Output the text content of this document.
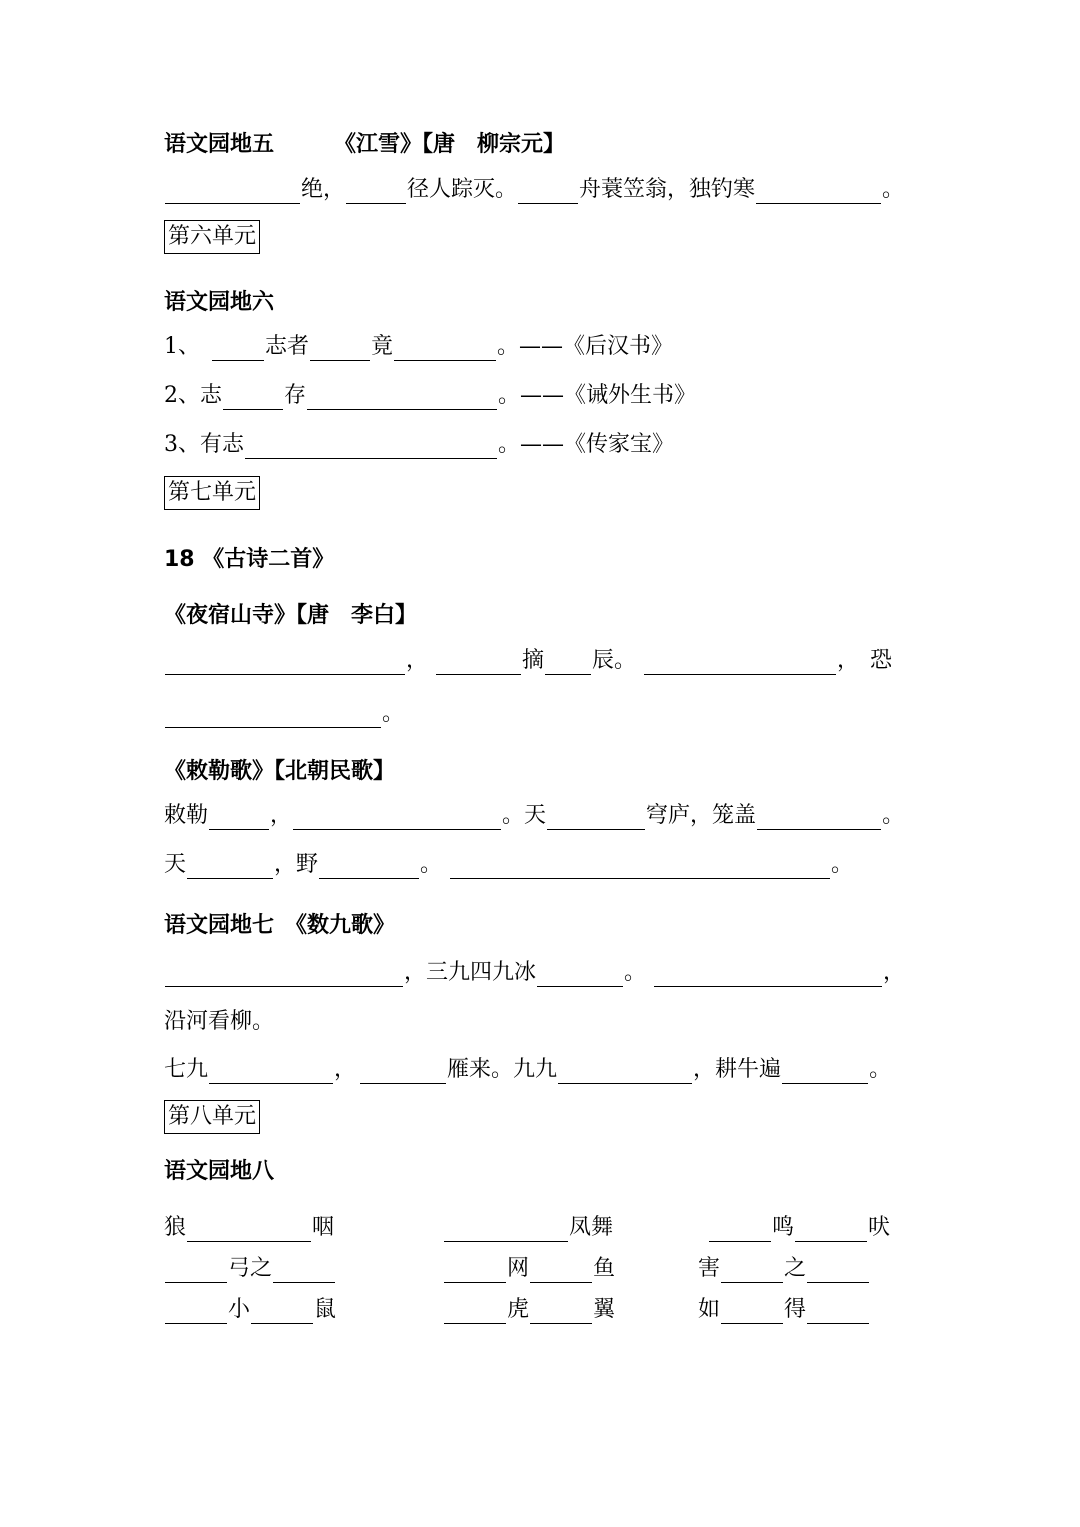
语文园地五	《江雪》【唐　柳宗元】
绝，	径人踪灭。	舟蓑笠翁，独钓寒	。
第六单元
语文园地六
1、	志者	竟	。——《后汉书》
2、志	存	。——《诫外生书》
3、有志	。——《传家宝》
第七单元
18 《古诗二首》
《夜宿山寺》【唐　李白】
，	摘 辰。	，　恐
。
《敕勒歌》【北朝民歌】
敕勒	，	。天	穹庐，笼盖	。
天	，野	。	。
语文园地七　《数九歌》
，三九四九冰	。	，
沿河看柳。
七九	，	雁来。九九	，耕牛遍	。
第八单元
语文园地八
狼	咽	凤舞	鸣	吠
弓之	网	鱼	害	之
小	鼠	虎	翼	如	得
